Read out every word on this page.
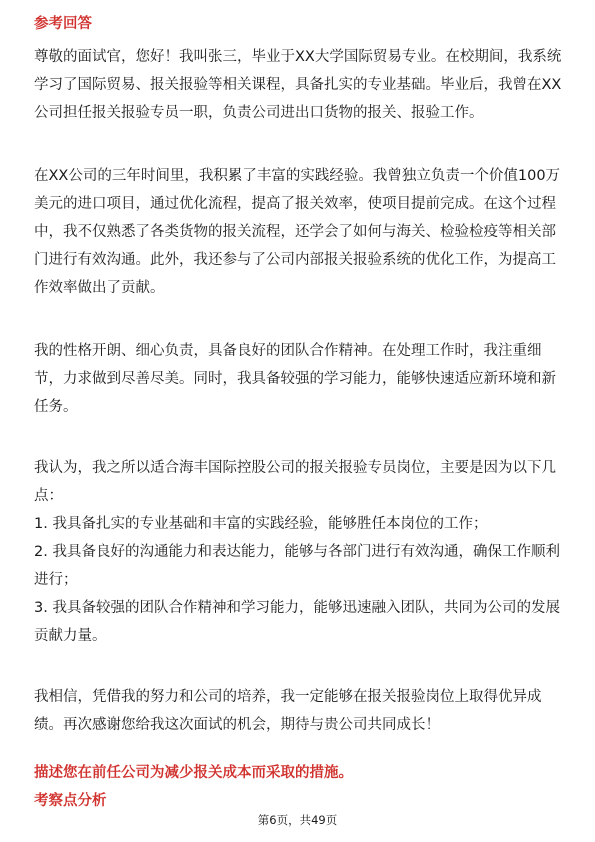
参考回答
尊敬的面试官，您好！我叫张三，毕业于XX大学国际贸易专业。在校期间，我系统
学习了国际贸易、报关报验等相关课程，具备扎实的专业基础。毕业后，我曾在XX
公司担任报关报验专员一职，负责公司进出口货物的报关、报验工作。
在XX公司的三年时间里，我积累了丰富的实践经验。我曾独立负责一个价值100万
美元的进口项目，通过优化流程，提高了报关效率，使项目提前完成。在这个过程
中，我不仅熟悉了各类货物的报关流程，还学会了如何与海关、检验检疫等相关部
门进行有效沟通。此外，我还参与了公司内部报关报验系统的优化工作，为提高工
作效率做出了贡献。
我的性格开朗、细心负责，具备良好的团队合作精神。在处理工作时，我注重细
节，力求做到尽善尽美。同时，我具备较强的学习能力，能够快速适应新环境和新
任务。
我认为，我之所以适合海丰国际控股公司的报关报验专员岗位，主要是因为以下几
点：
1. 我具备扎实的专业基础和丰富的实践经验，能够胜任本岗位的工作；
2. 我具备良好的沟通能力和表达能力，能够与各部门进行有效沟通，确保工作顺利
进行；
3. 我具备较强的团队合作精神和学习能力，能够迅速融入团队，共同为公司的发展
贡献力量。
我相信，凭借我的努力和公司的培养，我一定能够在报关报验岗位上取得优异成
绩。再次感谢您给我这次面试的机会，期待与贵公司共同成长！
描述您在前任公司为减少报关成本而采取的措施。
考察点分析
第6页，共49页
